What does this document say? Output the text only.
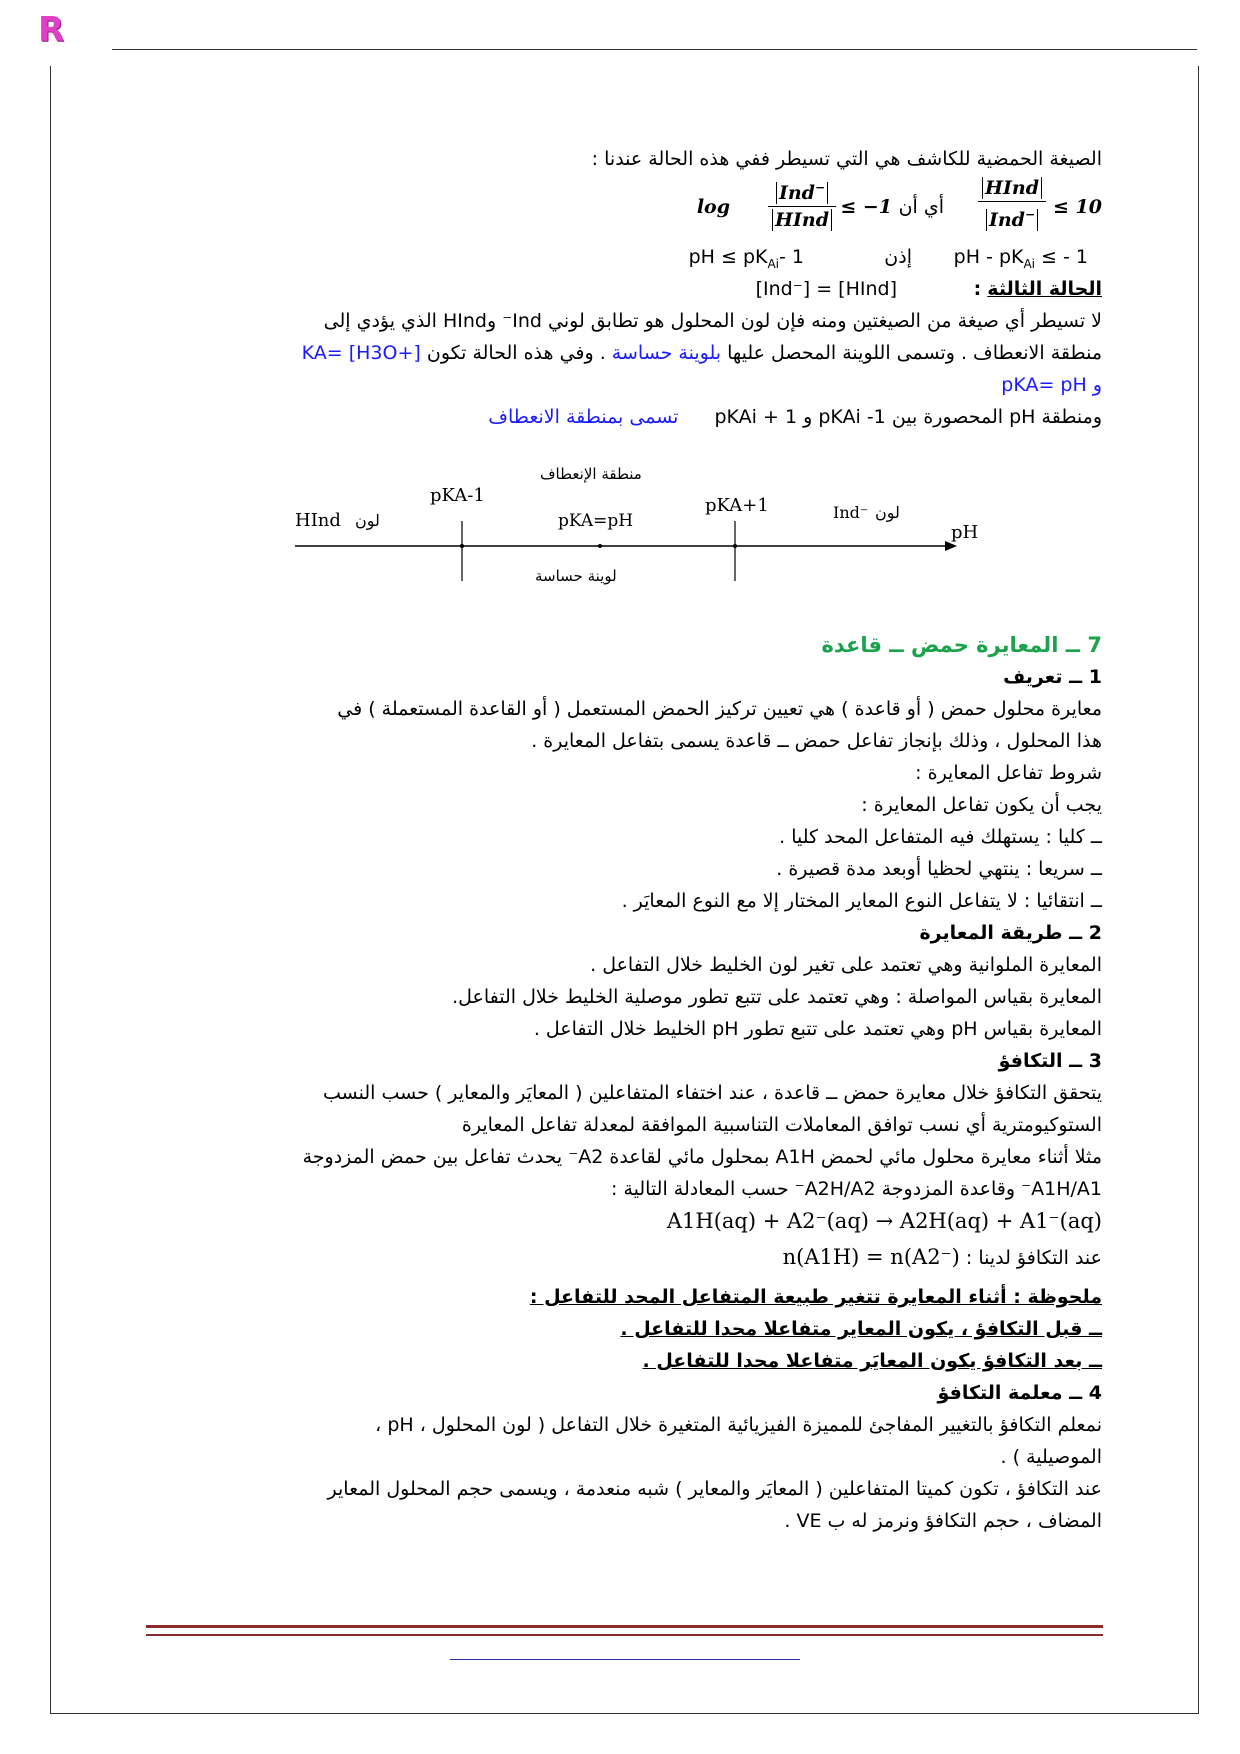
R

الصيغة الحمضية للكاشف هي التي تسيطر ففي هذه الحالة عندنا :

≤ 10
HInd
Ind−
أي أن
≤ −1
Ind−
HInd
log
pH - $pK_{Ai}$ ≤ - 1
إذن
pH ≤ $pK_{Ai}-$ 1
الحالة الثالثة :
[Ind⁻] = [HInd]

لا تسيطر أي صيغة من الصيغتين ومنه فإن لون المحلول هو تطابق لوني Ind⁻ وHInd الذي يؤدي إلى

منطقة الانعطاف . وتسمى اللوينة المحصل عليها بلوينة حساسة . وفي هذه الحالة تكون KA= [H3O+]

و pKA= pH

ومنطقة pH المحصورة بين pKAi -1 و pKAi + 1 تسمى بمنطقة الانعطاف

منطقة الإنعطاف
pKA-1
pKA=pH
pKA+1
HInd لون	Ind⁻ لون
pH
لوينة حساسة

7 ــ المعايرة حمض ــ قاعدة

1 ــ تعريف

معايرة محلول حمض ( أو قاعدة ) هي تعيين تركيز الحمض المستعمل ( أو القاعدة المستعملة ) في

هذا المحلول ، وذلك بإنجاز تفاعل حمض ــ قاعدة يسمى بتفاعل المعايرة .

شروط تفاعل المعايرة :

يجب أن يكون تفاعل المعايرة :

ــ كليا : يستهلك فيه المتفاعل المحد كليا .

ــ سريعا : ينتهي لحظيا أوبعد مدة قصيرة .

ــ انتقائيا : لا يتفاعل النوع المعاير المختار إلا مع النوع المعايَر .

2 ــ طريقة المعايرة

المعايرة الملوانية وهي تعتمد على تغير لون الخليط خلال التفاعل .

المعايرة بقياس المواصلة : وهي تعتمد على تتبع تطور موصلية الخليط خلال التفاعل.

المعايرة بقياس pH وهي تعتمد على تتبع تطور pH الخليط خلال التفاعل .

3 ــ التكافؤ

يتحقق التكافؤ خلال معايرة حمض ــ قاعدة ، عند اختفاء المتفاعلين ( المعايَر والمعاير ) حسب النسب

الستوكيومترية أي نسب توافق المعاملات التناسبية الموافقة لمعدلة تفاعل المعايرة

مثلا أثناء معايرة محلول مائي لحمض A1H بمحلول مائي لقاعدة A2⁻ يحدث تفاعل بين حمض المزدوجة

A1H/A1⁻ وقاعدة المزدوجة A2H/A2⁻ حسب المعادلة التالية :

A1H(aq) + A2⁻(aq) → A2H(aq) + A1⁻(aq)

عند التكافؤ لدينا : n(A1H) = n(A2⁻)

ملحوظة : أثناء المعايرة تتغير طبيعة المتفاعل المحد للتفاعل :

ــ قبل التكافؤ ، يكون المعاير متفاعلا محدا للتفاعل .

ــ بعد التكافؤ يكون المعايَر متفاعلا محدا للتفاعل .

4 ــ معلمة التكافؤ

نمعلم التكافؤ بالتغيير المفاجئ للمميزة الفيزيائية المتغيرة خلال التفاعل ( لون المحلول ، pH ،

الموصيلية ) .

عند التكافؤ ، تكون كميتا المتفاعلين ( المعايَر والمعاير ) شبه منعدمة ، ويسمى حجم المحلول المعاير

المضاف ، حجم التكافؤ ونرمز له ب VE .
